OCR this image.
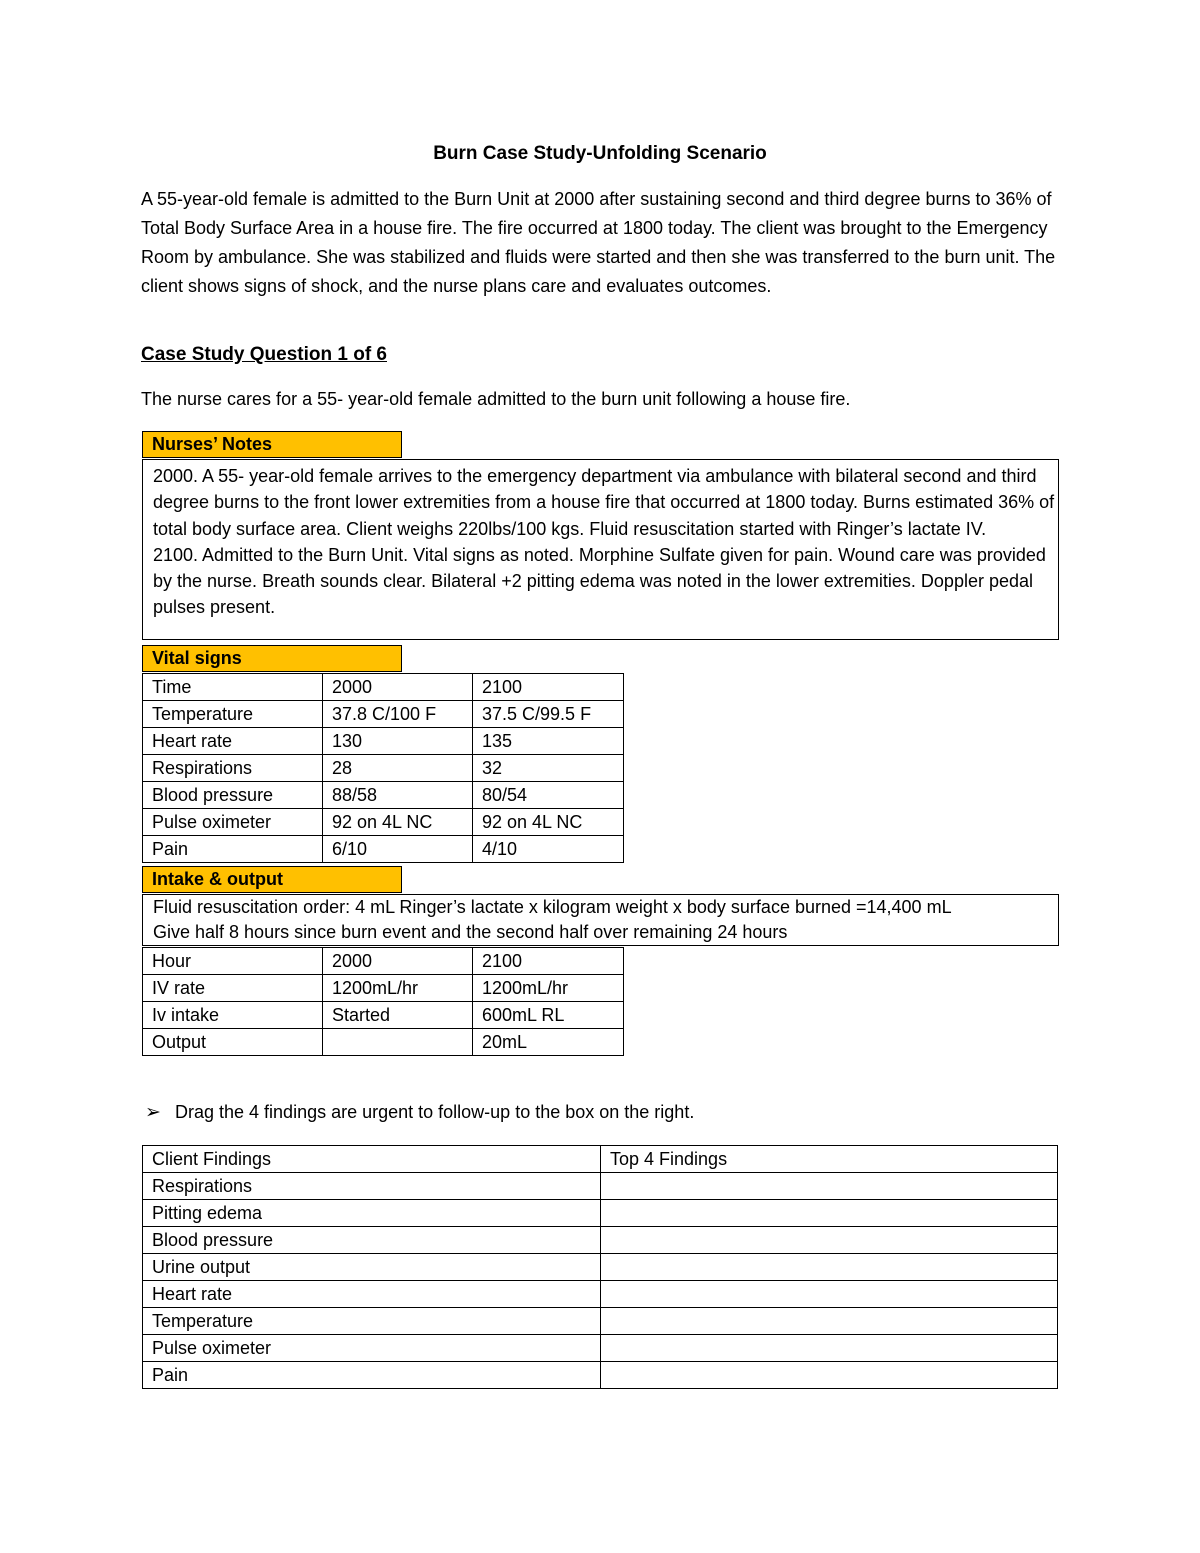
Burn Case Study-Unfolding Scenario

A 55-year-old female is admitted to the Burn Unit at 2000 after sustaining second and third degree burns to 36% of Total Body Surface Area in a house fire. The fire occurred at 1800 today. The client was brought to the Emergency Room by ambulance. She was stabilized and fluids were started and then she was transferred to the burn unit. The client shows signs of shock, and the nurse plans care and evaluates outcomes.

Case Study Question 1 of 6
The nurse cares for a 55- year-old female admitted to the burn unit following a house fire.
Nurses’ Notes

2000. A 55- year-old female arrives to the emergency department via ambulance with bilateral second and third degree burns to the front lower extremities from a house fire that occurred at 1800 today. Burns estimated 36% of total body surface area. Client weighs 220lbs/100 kgs. Fluid resuscitation started with Ringer’s lactate IV.

2100. Admitted to the Burn Unit. Vital signs as noted. Morphine Sulfate given for pain. Wound care was provided by the nurse. Breath sounds clear. Bilateral +2 pitting edema was noted in the lower extremities. Doppler pedal pulses present.

Vital signs
Time	2000	2100
Temperature	37.8 C/100 F	37.5 C/99.5 F
Heart rate	130	135
Respirations	28	32
Blood pressure	88/58	80/54
Pulse oximeter	92 on 4L NC	92 on 4L NC
Pain	6/10	4/10
Intake & output

Fluid resuscitation order: 4 mL Ringer’s lactate x kilogram weight x body surface burned =14,400 mL

Give half 8 hours since burn event and the second half over remaining 24 hours

Hour	2000	2100
IV rate	1200mL/hr	1200mL/hr
Iv intake	Started	600mL RL
Output		20mL
➢ Drag the 4 findings are urgent to follow-up to the box on the right.
Client Findings	Top 4 Findings
Respirations	
Pitting edema	
Blood pressure	
Urine output	
Heart rate	
Temperature	
Pulse oximeter	
Pain	
